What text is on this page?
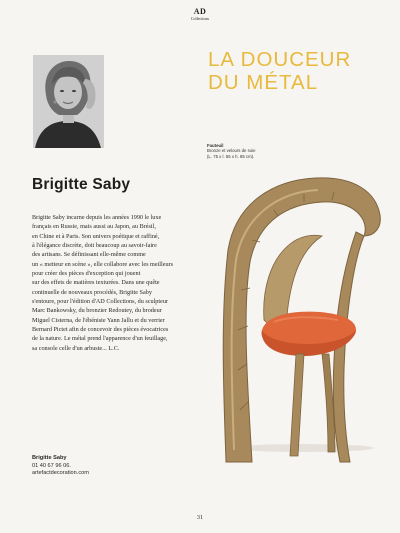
AD
Collections
LA DOUCEUR
DU MÉTAL
Fauteuil
Bronze et velours de soie
(L. 75 x l. 55 x h. 85 cm).
Brigitte Saby
Brigitte Saby incarne depuis les années 1990 le luxe
français en Russie, mais aussi au Japon, au Brésil,
en Chine et à Paris. Son univers poétique et raffiné,
à l'élégance discrète, doit beaucoup au savoir-faire
des artisans. Se définissant elle-même comme
un « metteur en scène », elle collabore avec les meilleurs
pour créer des pièces d'exception qui jouent
sur des effets de matières texturées. Dans une quête
continuelle de nouveaux procédés, Brigitte Saby
s'entoure, pour l'édition d'AD Collections, du sculpteur
Marc Bankowsky, du bronzier Redoutey, du brodeur
Miguel Cisterna, de l'ébéniste Yann Jallu et du verrier
Bernard Pictet afin de concevoir des pièces évocatrices
de la nature. Le métal prend l'apparence d'un feuillage,
sa console celle d'un arbuste... L.C.
Brigitte Saby
01 40 67 96 06.
artefactdecoration.com
31
